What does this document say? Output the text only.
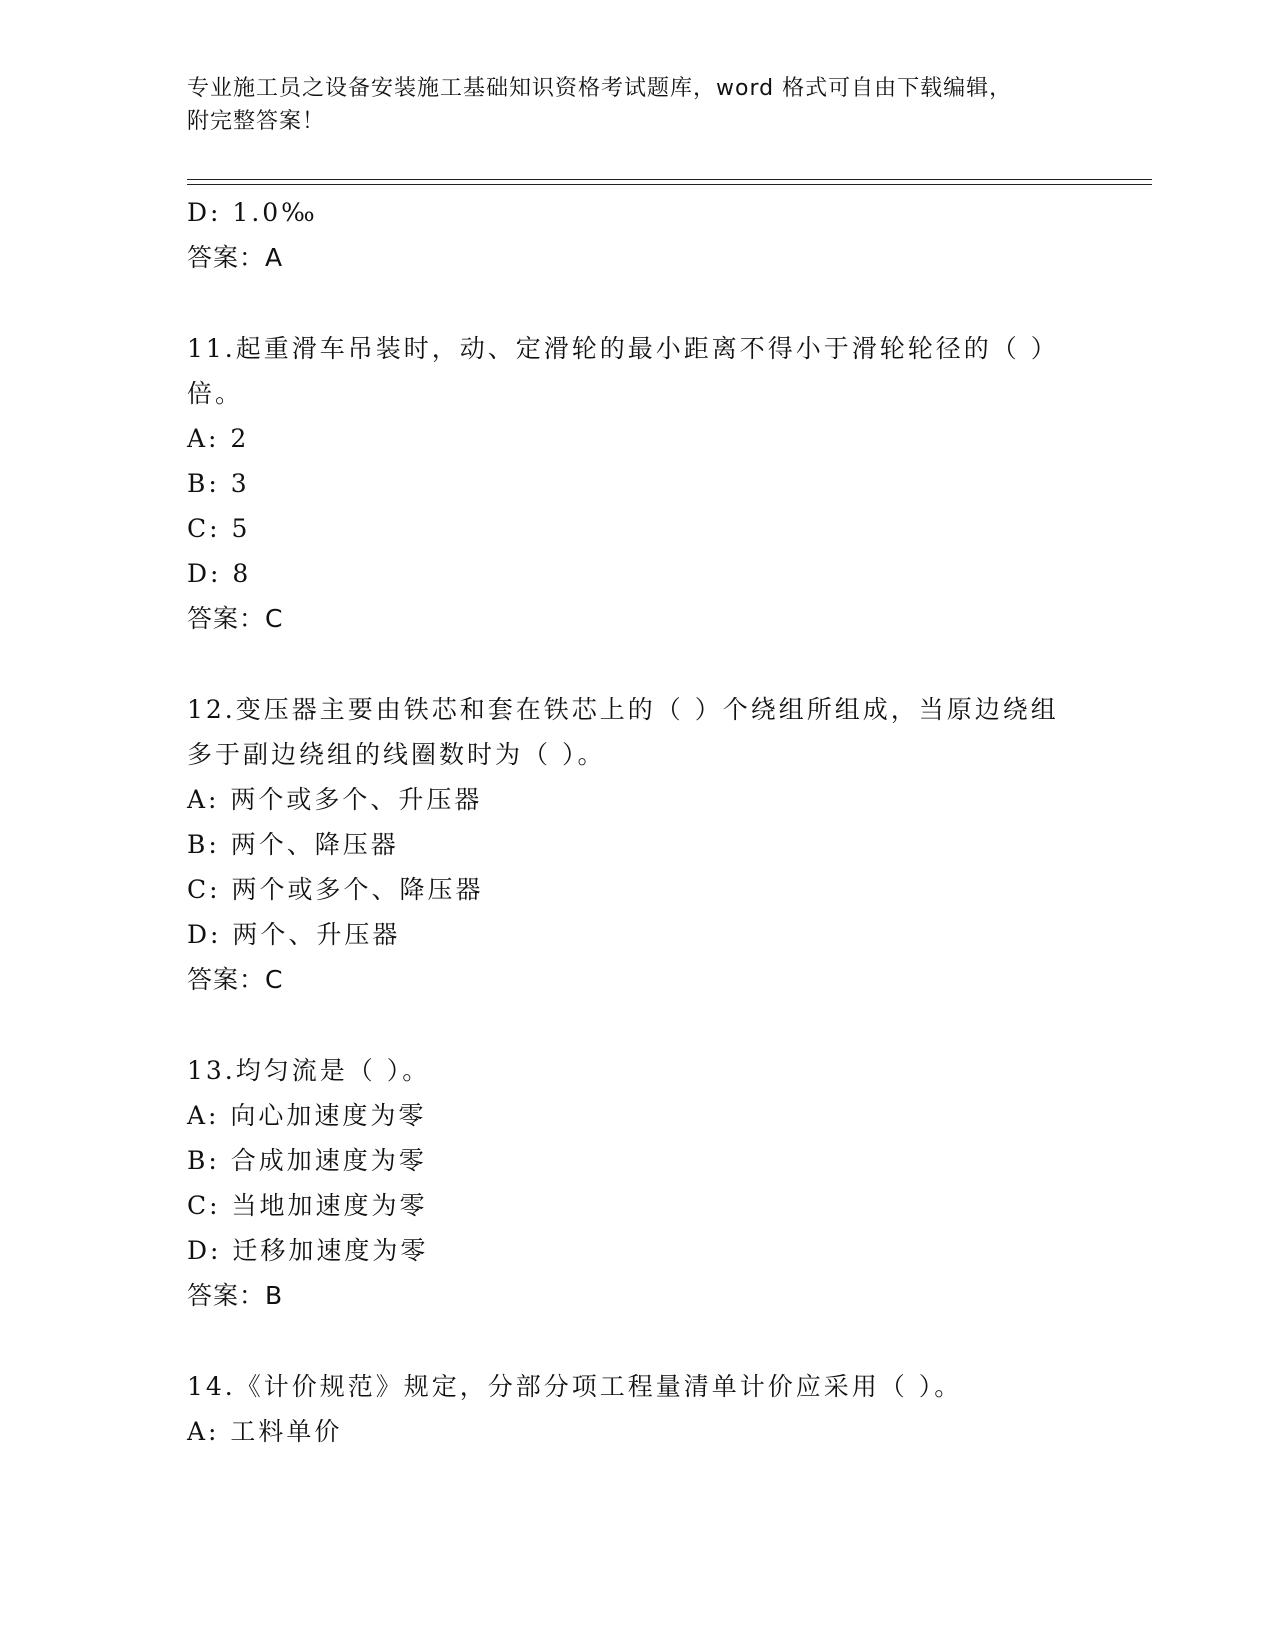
专业施工员之设备安装施工基础知识资格考试题库，word 格式可自由下载编辑，
附完整答案！
D: 1.0‰
答案：A
11.起重滑车吊装时，动、定滑轮的最小距离不得小于滑轮轮径的（ ）倍。
A: 2
B: 3
C: 5
D: 8
答案：C
12.变压器主要由铁芯和套在铁芯上的（ ）个绕组所组成，当原边绕组多于副边绕组的线圈数时为（ ）。
A: 两个或多个、升压器
B: 两个、降压器
C: 两个或多个、降压器
D: 两个、升压器
答案：C
13.均匀流是（ ）。
A: 向心加速度为零
B: 合成加速度为零
C: 当地加速度为零
D: 迁移加速度为零
答案：B
14.《计价规范》规定，分部分项工程量清单计价应采用（ ）。
A: 工料单价
